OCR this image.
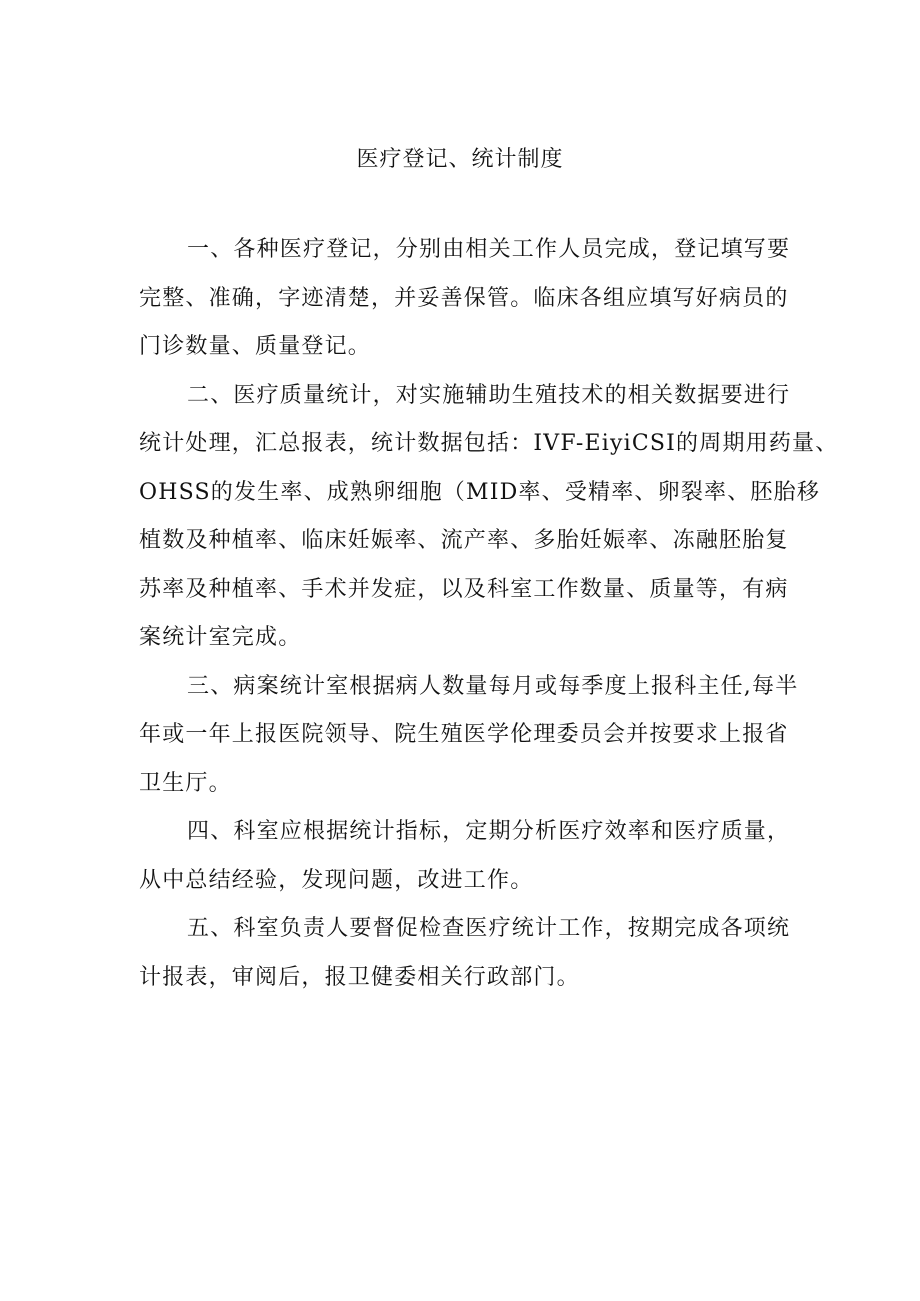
医疗登记、统计制度
一、各种医疗登记，分别由相关工作人员完成，登记填写要
完整、准确，字迹清楚，并妥善保管。临床各组应填写好病员的
门诊数量、质量登记。
二、医疗质量统计，对实施辅助生殖技术的相关数据要进行
统计处理，汇总报表，统计数据包括：IVF-EiyiCSI的周期用药量、
OHSS的发生率、成熟卵细胞（MID率、受精率、卵裂率、胚胎移
植数及种植率、临床妊娠率、流产率、多胎妊娠率、冻融胚胎复
苏率及种植率、手术并发症，以及科室工作数量、质量等，有病
案统计室完成。
三、病案统计室根据病人数量每月或每季度上报科主任,每半
年或一年上报医院领导、院生殖医学伦理委员会并按要求上报省
卫生厅。
四、科室应根据统计指标，定期分析医疗效率和医疗质量，
从中总结经验，发现问题，改进工作。
五、科室负责人要督促检查医疗统计工作，按期完成各项统
计报表，审阅后，报卫健委相关行政部门。
